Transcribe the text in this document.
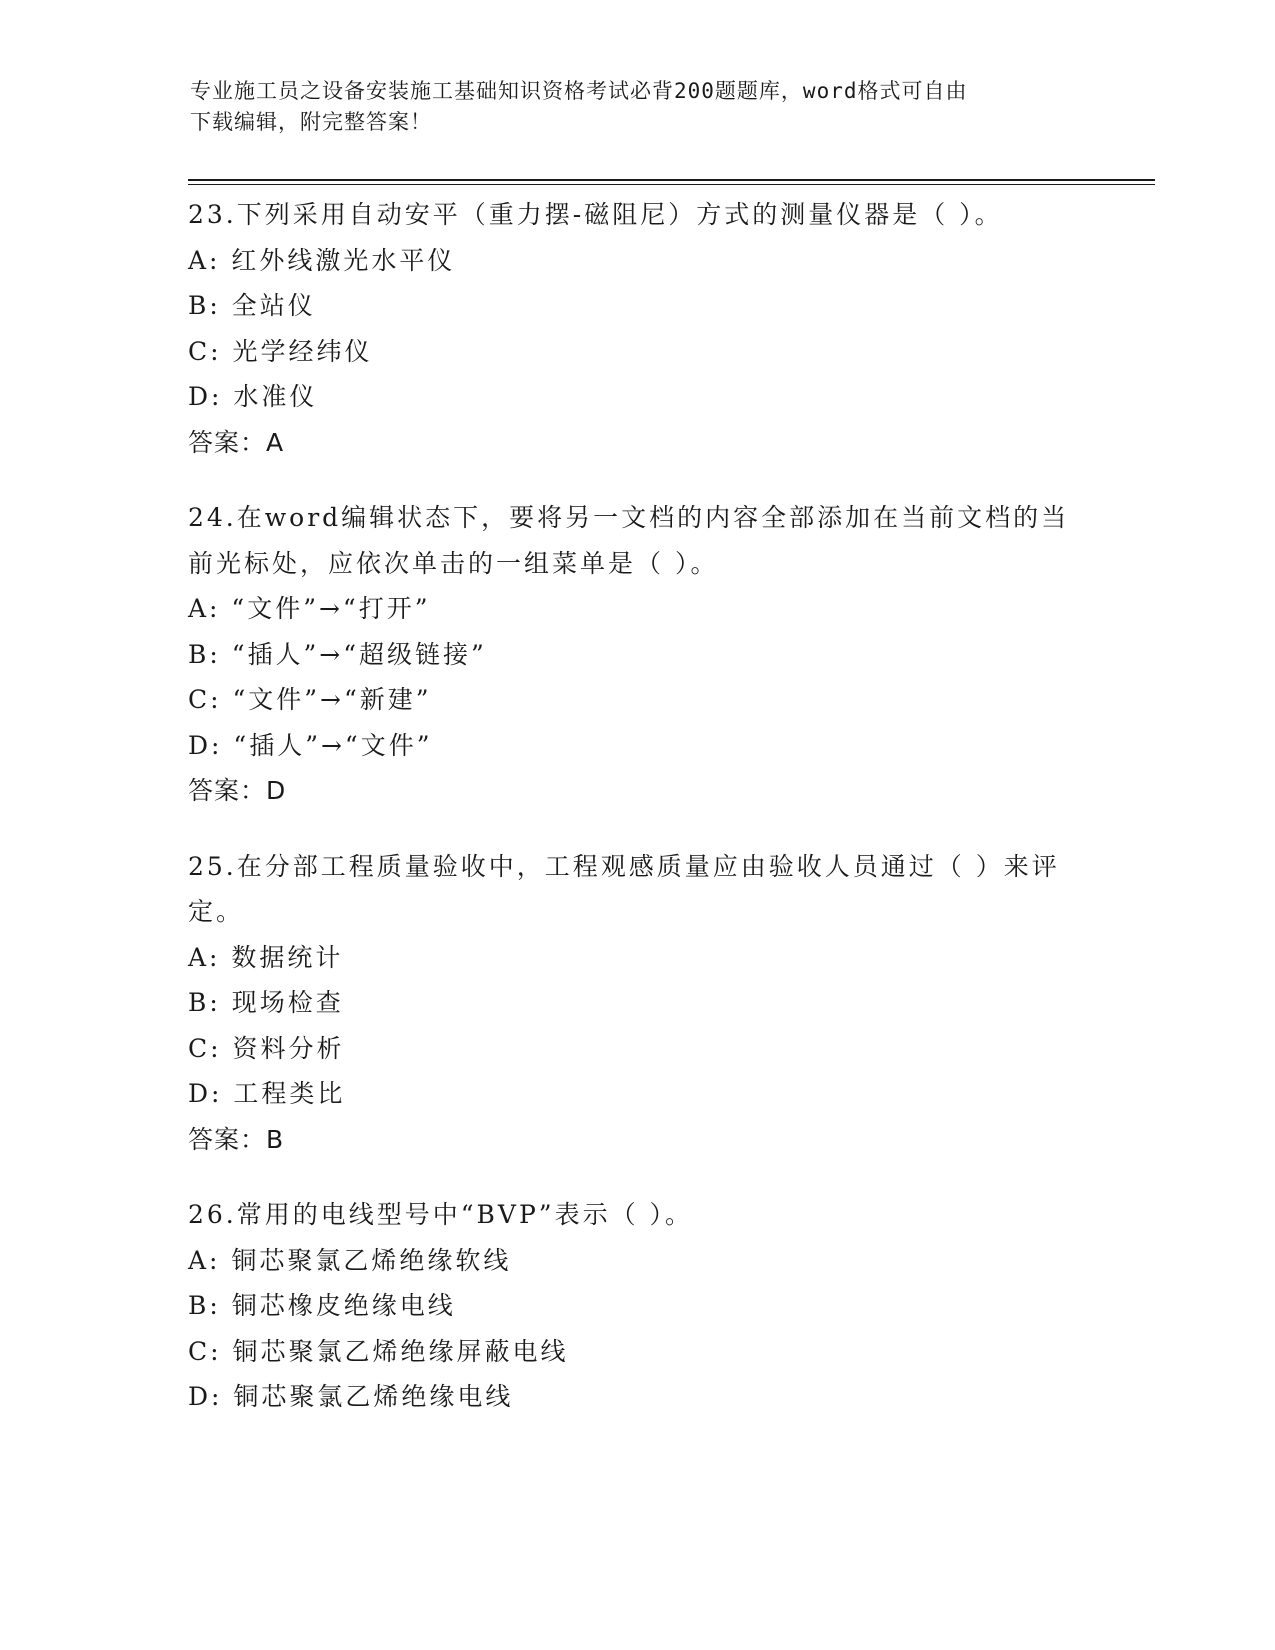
专业施工员之设备安装施工基础知识资格考试必背200题题库，word格式可自由
下载编辑，附完整答案！
23.下列采用自动安平（重力摆-磁阻尼）方式的测量仪器是（ ）。
A: 红外线激光水平仪
B: 全站仪
C: 光学经纬仪
D: 水准仪
答案：A
24.在word编辑状态下，要将另一文档的内容全部添加在当前文档的当前光标处，应依次单击的一组菜单是（ ）。
A: “文件”→“打开”
B: “插人”→“超级链接”
C: “文件”→“新建”
D: “插人”→“文件”
答案：D
25.在分部工程质量验收中，工程观感质量应由验收人员通过（ ）来评定。
A: 数据统计
B: 现场检查
C: 资料分析
D: 工程类比
答案：B
26.常用的电线型号中“BVP”表示（ ）。
A: 铜芯聚氯乙烯绝缘软线
B: 铜芯橡皮绝缘电线
C: 铜芯聚氯乙烯绝缘屏蔽电线
D: 铜芯聚氯乙烯绝缘电线
